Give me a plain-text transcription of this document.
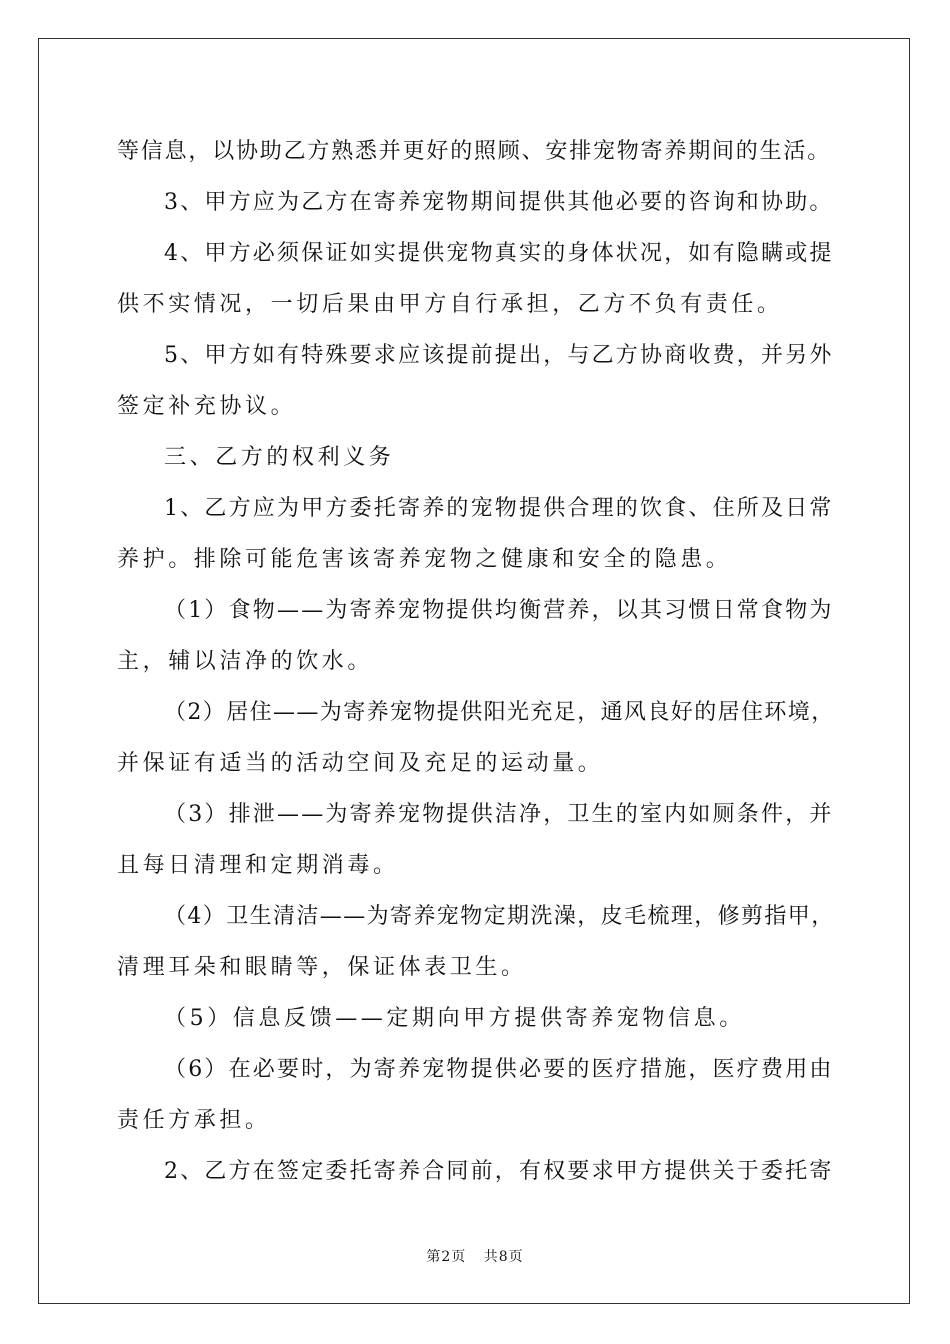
等信息，以协助乙方熟悉并更好的照顾、安排宠物寄养期间的生活。
3、甲方应为乙方在寄养宠物期间提供其他必要的咨询和协助。
4、甲方必须保证如实提供宠物真实的身体状况，如有隐瞒或提
供不实情况，一切后果由甲方自行承担，乙方不负有责任。
5、甲方如有特殊要求应该提前提出，与乙方协商收费，并另外
签定补充协议。
三、乙方的权利义务
1、乙方应为甲方委托寄养的宠物提供合理的饮食、住所及日常
养护。排除可能危害该寄养宠物之健康和安全的隐患。
（1）食物——为寄养宠物提供均衡营养，以其习惯日常食物为
主，辅以洁净的饮水。
（2）居住——为寄养宠物提供阳光充足，通风良好的居住环境，
并保证有适当的活动空间及充足的运动量。
（3）排泄——为寄养宠物提供洁净，卫生的室内如厕条件，并
且每日清理和定期消毒。
（4）卫生清洁——为寄养宠物定期洗澡，皮毛梳理，修剪指甲，
清理耳朵和眼睛等，保证体表卫生。
（5）信息反馈——定期向甲方提供寄养宠物信息。
（6）在必要时，为寄养宠物提供必要的医疗措施，医疗费用由
责任方承担。
2、乙方在签定委托寄养合同前，有权要求甲方提供关于委托寄
第2页 共8页
